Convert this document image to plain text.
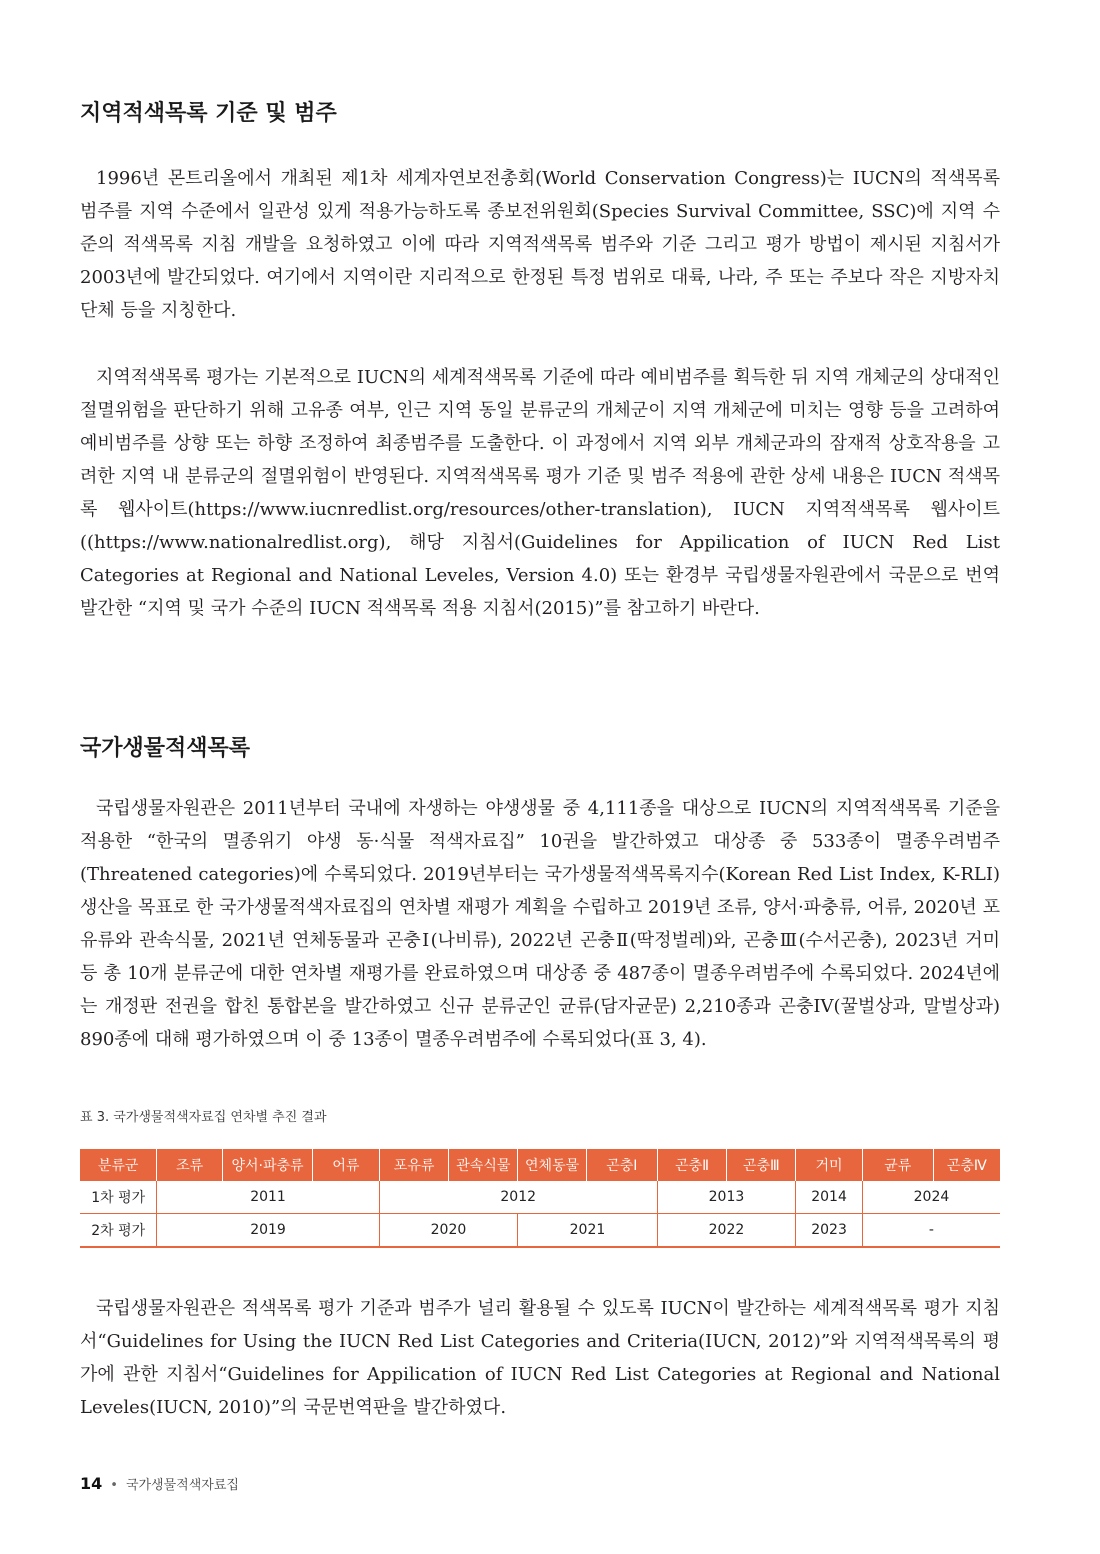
지역적색목록 기준 및 범주

1996년 몬트리올에서 개최된 제1차 세계자연보전총회(World Conservation Congress)는 IUCN의 적색목록 범주를 지역 수준에서 일관성 있게 적용가능하도록 종보전위원회(Species Survival Committee, SSC)에 지역 수준의 적색목록 지침 개발을 요청하였고 이에 따라 지역적색목록 범주와 기준 그리고 평가 방법이 제시된 지침서가 2003년에 발간되었다. 여기에서 지역이란 지리적으로 한정된 특정 범위로 대륙, 나라, 주 또는 주보다 작은 지방자치단체 등을 지칭한다.

지역적색목록 평가는 기본적으로 IUCN의 세계적색목록 기준에 따라 예비범주를 획득한 뒤 지역 개체군의 상대적인 절멸위험을 판단하기 위해 고유종 여부, 인근 지역 동일 분류군의 개체군이 지역 개체군에 미치는 영향 등을 고려하여 예비범주를 상향 또는 하향 조정하여 최종범주를 도출한다. 이 과정에서 지역 외부 개체군과의 잠재적 상호작용을 고려한 지역 내 분류군의 절멸위험이 반영된다. 지역적색목록 평가 기준 및 범주 적용에 관한 상세 내용은 IUCN 적색목록 웹사이트(https://www.iucnredlist.org/resources/other-translation), IUCN 지역적색목록 웹사이트((https://www.nationalredlist.org), 해당 지침서(Guidelines for Appilication of IUCN Red List Categories at Regional and National Leveles, Version 4.0) 또는 환경부 국립생물자원관에서 국문으로 번역 발간한 “지역 및 국가 수준의 IUCN 적색목록 적용 지침서(2015)”를 참고하기 바란다.

국가생물적색목록

국립생물자원관은 2011년부터 국내에 자생하는 야생생물 중 4,111종을 대상으로 IUCN의 지역적색목록 기준을 적용한 “한국의 멸종위기 야생 동·식물 적색자료집” 10권을 발간하였고 대상종 중 533종이 멸종우려범주(Threatened categories)에 수록되었다. 2019년부터는 국가생물적색목록지수(Korean Red List Index, K-RLI) 생산을 목표로 한 국가생물적색자료집의 연차별 재평가 계획을 수립하고 2019년 조류, 양서·파충류, 어류, 2020년 포유류와 관속식물, 2021년 연체동물과 곤충Ⅰ(나비류), 2022년 곤충Ⅱ(딱정벌레)와, 곤충Ⅲ(수서곤충), 2023년 거미 등 총 10개 분류군에 대한 연차별 재평가를 완료하였으며 대상종 중 487종이 멸종우려범주에 수록되었다. 2024년에는 개정판 전권을 합친 통합본을 발간하였고 신규 분류군인 균류(담자균문) 2,210종과 곤충IV(꿀벌상과, 말벌상과) 890종에 대해 평가하였으며 이 중 13종이 멸종우려범주에 수록되었다(표 3, 4).

표 3. 국가생물적색자료집 연차별 추진 결과

분류군	조류	양서·파충류	어류	포유류	관속식물	연체동물	곤충Ⅰ	곤충Ⅱ	곤충Ⅲ	거미	균류	곤충Ⅳ
1차 평가	2011			2012				2013		2014	2024	
2차 평가	2019			2020		2021		2022		2023	-	

국립생물자원관은 적색목록 평가 기준과 범주가 널리 활용될 수 있도록 IUCN이 발간하는 세계적색목록 평가 지침서“Guidelines for Using the IUCN Red List Categories and Criteria(IUCN, 2012)”와 지역적색목록의 평가에 관한 지침서“Guidelines for Appilication of IUCN Red List Categories at Regional and National Leveles(IUCN, 2010)”의 국문번역판을 발간하였다.

14 • 국가생물적색자료집
